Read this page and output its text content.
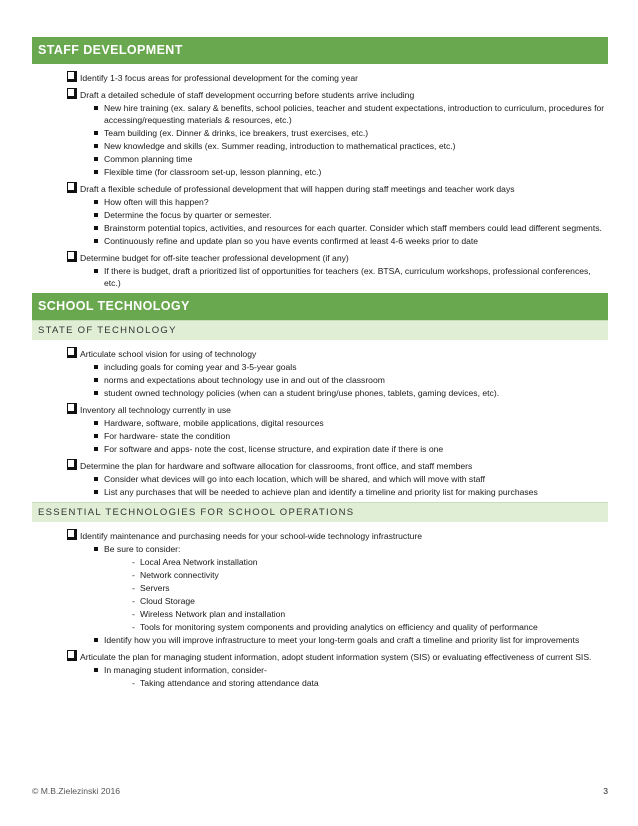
STAFF DEVELOPMENT
Identify 1-3 focus areas for professional development for the coming year
Draft a detailed schedule of staff development occurring before students arrive including
New hire training (ex. salary & benefits, school policies, teacher and student expectations, introduction to curriculum, procedures for accessing/requesting materials & resources, etc.)
Team building (ex. Dinner & drinks, ice breakers, trust exercises, etc.)
New knowledge and skills (ex. Summer reading, introduction to mathematical practices, etc.)
Common planning time
Flexible time (for classroom set-up, lesson planning, etc.)
Draft a flexible schedule of professional development that will happen during staff meetings and teacher work days
How often will this happen?
Determine the focus by quarter or semester.
Brainstorm potential topics, activities, and resources for each quarter. Consider which staff members could lead different segments.
Continuously refine and update plan so you have events confirmed at least 4-6 weeks prior to date
Determine budget for off-site teacher professional development (if any)
If there is budget, draft a prioritized list of opportunities for teachers (ex. BTSA, curriculum workshops, professional conferences, etc.)
SCHOOL TECHNOLOGY
STATE OF TECHNOLOGY
Articulate school vision for using of technology
including goals for coming year and 3-5-year goals
norms and expectations about technology use in and out of the classroom
student owned technology policies (when can a student bring/use phones, tablets, gaming devices, etc).
Inventory all technology currently in use
Hardware, software, mobile applications, digital resources
For hardware- state the condition
For software and apps- note the cost, license structure, and expiration date if there is one
Determine the plan for hardware and software allocation for classrooms, front office, and staff members
Consider what devices will go into each location, which will be shared, and which will move with staff
List any purchases that will be needed to achieve plan and identify a timeline and priority list for making purchases
ESSENTIAL TECHNOLOGIES FOR SCHOOL OPERATIONS
Identify maintenance and purchasing needs for your school-wide technology infrastructure
Be sure to consider:
- Local Area Network installation
- Network connectivity
- Servers
- Cloud Storage
- Wireless Network plan and installation
- Tools for monitoring system components and providing analytics on efficiency and quality of performance
Identify how you will improve infrastructure to meet your long-term goals and craft a timeline and priority list for improvements
Articulate the plan for managing student information, adopt student information system (SIS) or evaluating effectiveness of current SIS.
In managing student information, consider-
- Taking attendance and storing attendance data
© M.B.Zielezinski 2016	3
